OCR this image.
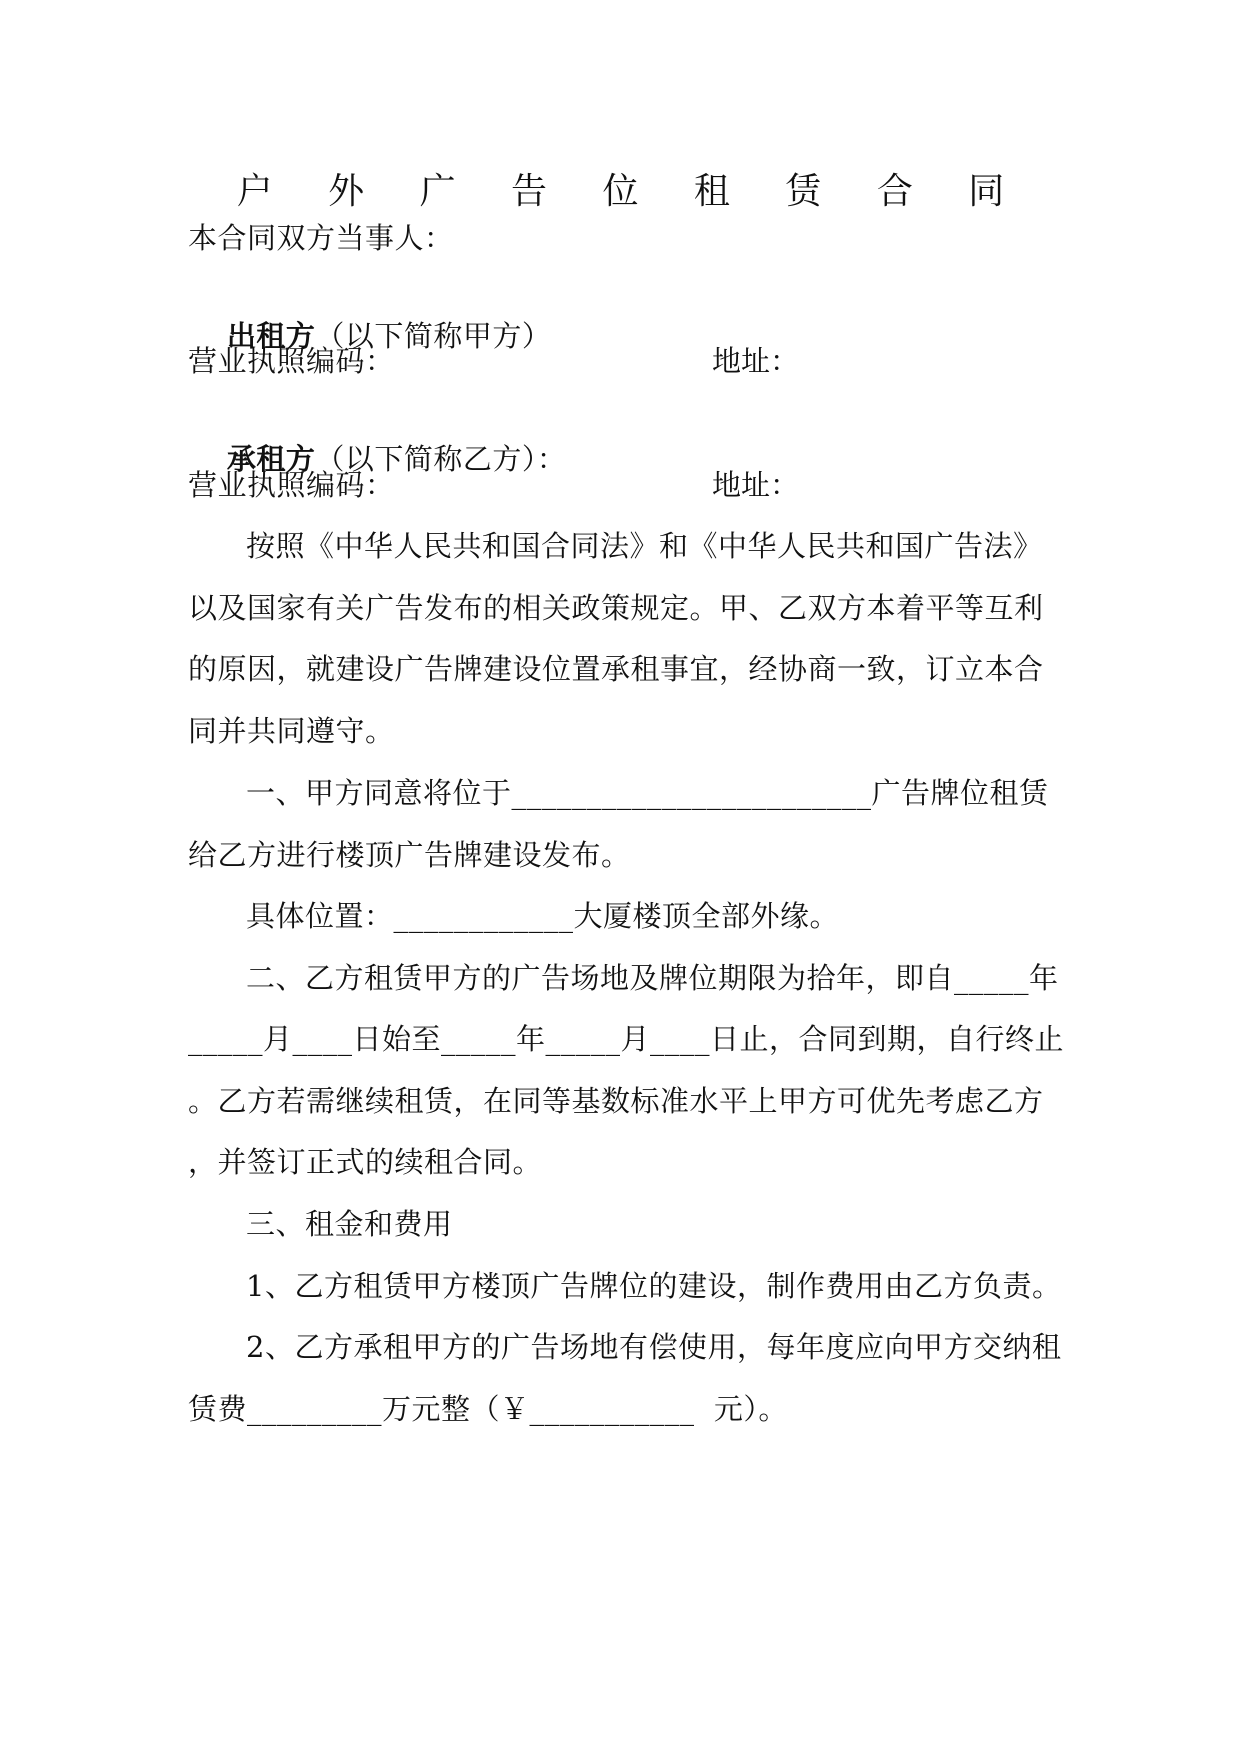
户 外 广 告 位 租 赁 合 同
本合同双方当事人：

出租方（以下简称甲方）

营业执照编码：	地址：

承租方（以下简称乙方）：

营业执照编码：	地址：
按照《中华人民共和国合同法》和《中华人民共和国广告法》
以及国家有关广告发布的相关政策规定。甲、乙双方本着平等互利
的原因，就建设广告牌建设位置承租事宜，经协商一致，订立本合
同并共同遵守。
一、甲方同意将位于________________________广告牌位租赁
给乙方进行楼顶广告牌建设发布。
具体位置：____________大厦楼顶全部外缘。
二、乙方租赁甲方的广告场地及牌位期限为拾年，即自_____年
_____月____日始至_____年_____月____日止，合同到期，自行终止
。乙方若需继续租赁，在同等基数标准水平上甲方可优先考虑乙方
，并签订正式的续租合同。
三、租金和费用
1、乙方租赁甲方楼顶广告牌位的建设，制作费用由乙方负责。
2、乙方承租甲方的广告场地有偿使用，每年度应向甲方交纳租
赁费_________万元整（￥___________  元）。
